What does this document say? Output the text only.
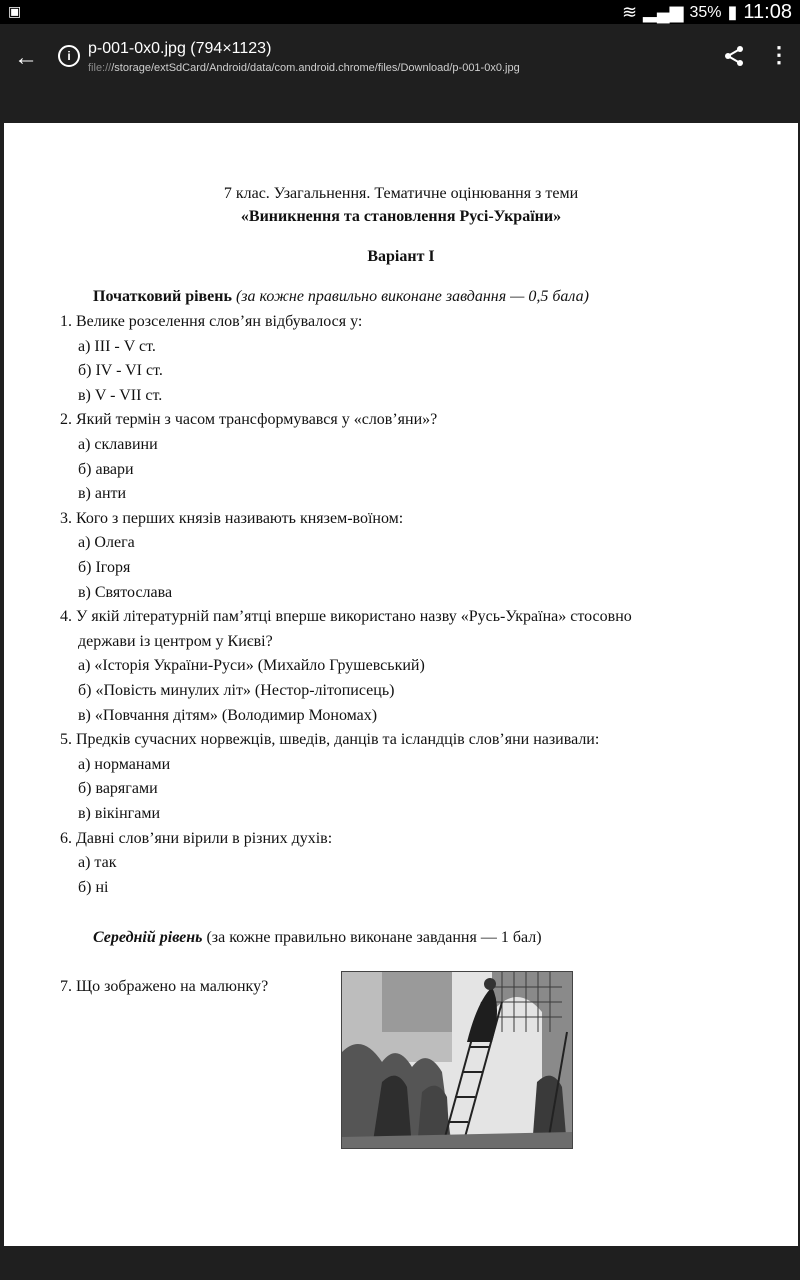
▣	≋ ▂▄▆ 35% ▮ 11:08
←	i	p-001-0x0.jpg (794×1123)
file:///storage/extSdCard/Android/data/com.android.chrome/files/Download/p-001-0x0.jpg
⋮

7 клас. Узагальнення. Тематичне оцінювання з теми

«Виникнення та становлення Русі-України»

Варіант І

Початковий рівень (за кожне правильно виконане завдання — 0,5 бала)

1. Велике розселення слов’ян відбувалося у:

а) ІІІ - V ст.

б) IV - VI ст.

в) V - VII ст.

2. Який термін з часом трансформувався у «слов’яни»?

а) склавини

б) авари

в) анти

3. Кого з перших князів називають князем-воїном:

а) Олега

б) Ігоря

в) Святослава

4. У якій літературній пам’ятці вперше використано назву «Русь-Україна» стосовно

держави із центром у Києві?

а) «Історія України-Руси» (Михайло Грушевський)

б) «Повість минулих літ» (Нестор-літописець)

в) «Повчання дітям» (Володимир Мономах)

5. Предків сучасних норвежців, шведів, данців та ісландців слов’яни називали:

а) норманами

б) варягами

в) вікінгами

6. Давні слов’яни вірили в різних духів:

а) так

б) ні

Середній рівень (за кожне правильно виконане завдання — 1 бал)

7. Що зображено на малюнку?
